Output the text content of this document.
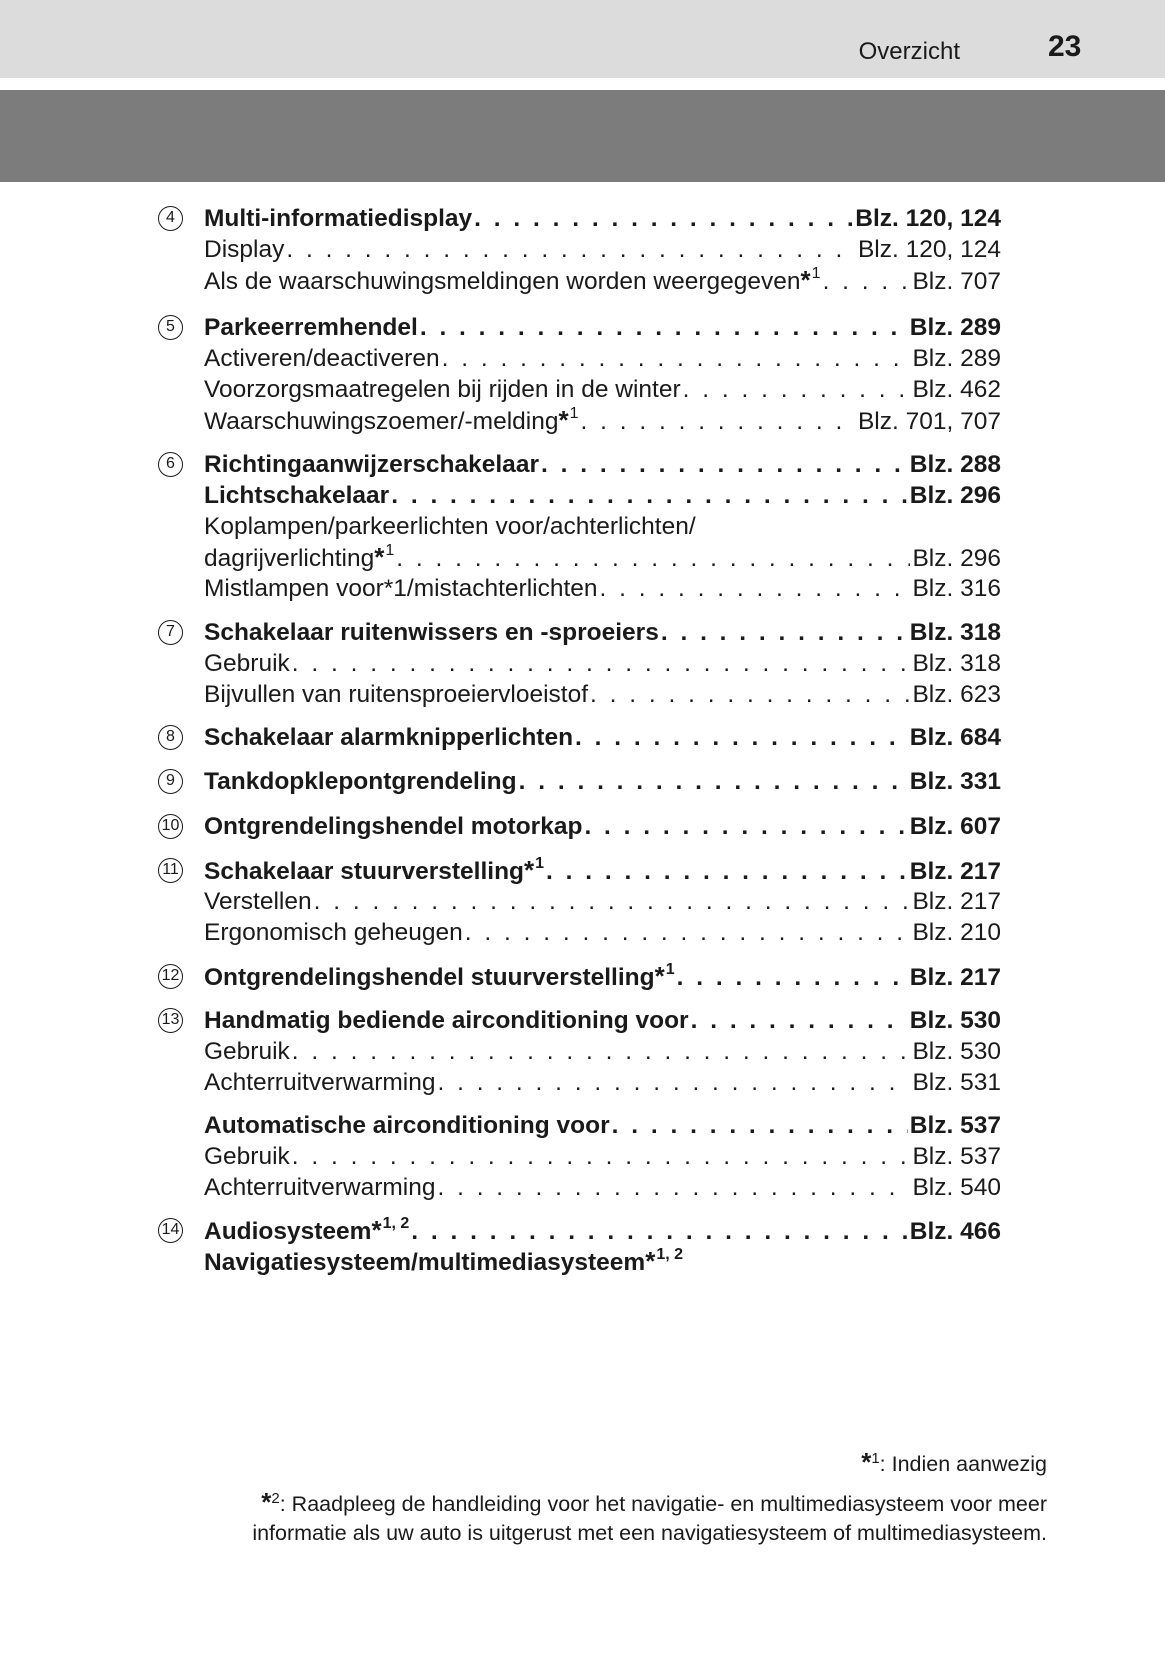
Overzicht	23
4	Multi-informatiedisplay . . .	Blz. 120, 124
Display . . .	Blz. 120, 124
Als de waarschuwingsmeldingen worden weergegeven*$^1$ . . .	Blz. 707
5	Parkeerremhendel . . .	Blz. 289
Activeren/deactiveren . . .	Blz. 289
Voorzorgsmaatregelen bij rijden in de winter . . .	Blz. 462
Waarschuwingszoemer/-melding*$^1$ . . .	Blz. 701, 707
6	Richtingaanwijzerschakelaar . . .	Blz. 288
Lichtschakelaar . . .	Blz. 296
Koplampen/parkeerlichten voor/achterlichten/
dagrijverlichting*$^1$ . . .	Blz. 296
Mistlampen voor*1/mistachterlichten . . .	Blz. 316
7	Schakelaar ruitenwissers en -sproeiers . . .	Blz. 318
Gebruik . . .	Blz. 318
Bijvullen van ruitensproeiervloeistof . . .	Blz. 623
8	Schakelaar alarmknipperlichten . . .	Blz. 684
9	Tankdopklepontgrendeling . . .	Blz. 331
10 Ontgrendelingshendel motorkap . . .	Blz. 607
11 Schakelaar stuurverstelling*$^1$ . . .	Blz. 217
Verstellen . . .	Blz. 217
Ergonomisch geheugen . . .	Blz. 210
12 Ontgrendelingshendel stuurverstelling*$^1$ . . .	Blz. 217
13 Handmatig bediende airconditioning voor . . .	Blz. 530
Gebruik . . .	Blz. 530
Achterruitverwarming . . .	Blz. 531
Automatische airconditioning voor . . .	Blz. 537
Gebruik . . .	Blz. 537
Achterruitverwarming . . .	Blz. 540
14 Audiosysteem*$^{1, 2}$ . . .	Blz. 466
Navigatiesysteem/multimediasysteem*$^{1, 2}$
*$^1$: Indien aanwezig
*$^2$: Raadpleeg de handleiding voor het navigatie- en multimediasysteem voor meer
informatie als uw auto is uitgerust met een navigatiesysteem of multimediasysteem.
